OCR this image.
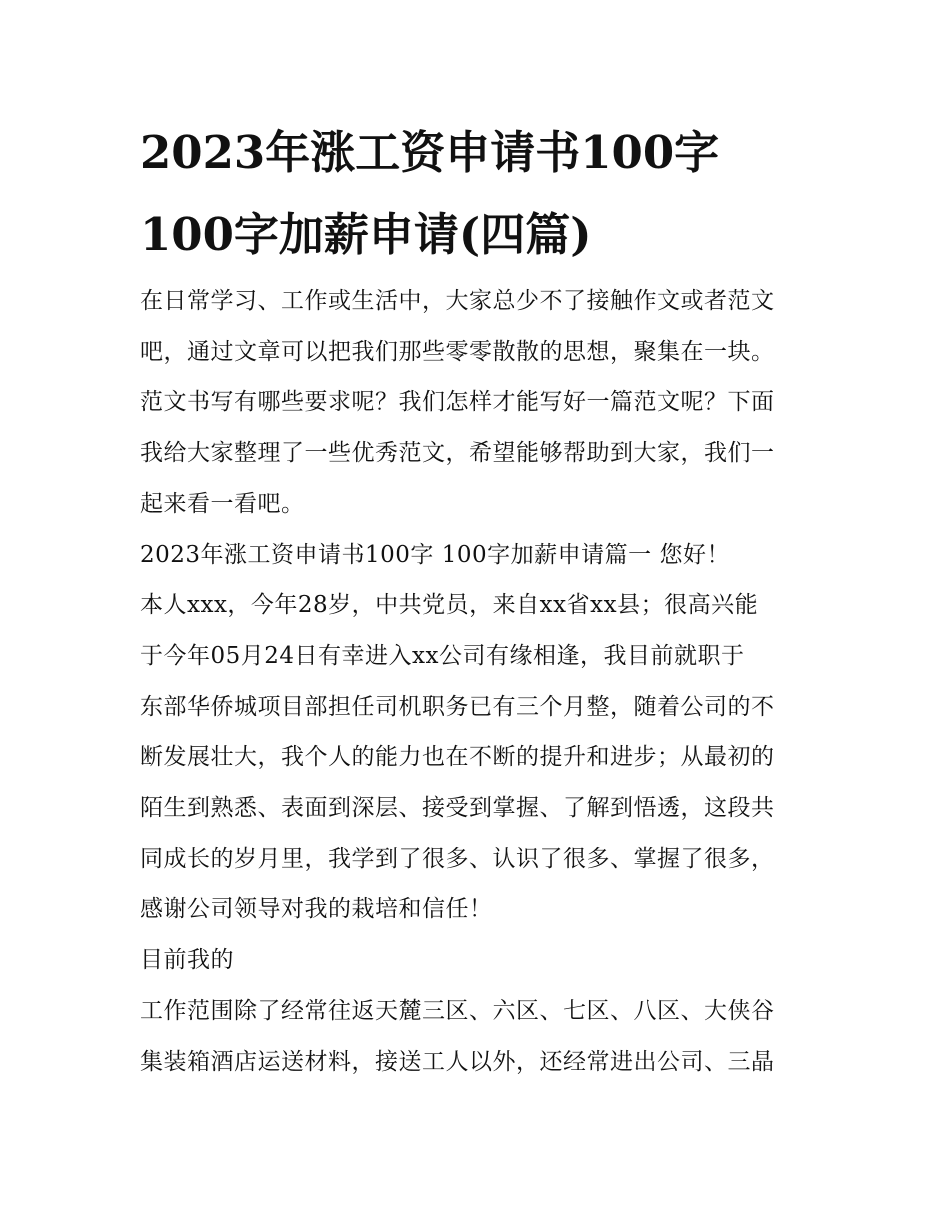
2023年涨工资申请书100字
100字加薪申请(四篇)
在日常学习、工作或生活中，大家总少不了接触作文或者范文
吧，通过文章可以把我们那些零零散散的思想，聚集在一块。
范文书写有哪些要求呢？我们怎样才能写好一篇范文呢？下面
我给大家整理了一些优秀范文，希望能够帮助到大家，我们一
起来看一看吧。
2023年涨工资申请书100字 100字加薪申请篇一 您好！
本人xxx，今年28岁，中共党员，来自xx省xx县；很高兴能
于今年05月24日有幸进入xx公司有缘相逢，我目前就职于
东部华侨城项目部担任司机职务已有三个月整，随着公司的不
断发展壮大，我个人的能力也在不断的提升和进步；从最初的
陌生到熟悉、表面到深层、接受到掌握、了解到悟透，这段共
同成长的岁月里，我学到了很多、认识了很多、掌握了很多，
感谢公司领导对我的栽培和信任！
目前我的
工作范围除了经常往返天麓三区、六区、七区、八区、大侠谷
集装箱酒店运送材料，接送工人以外，还经常进出公司、三晶
